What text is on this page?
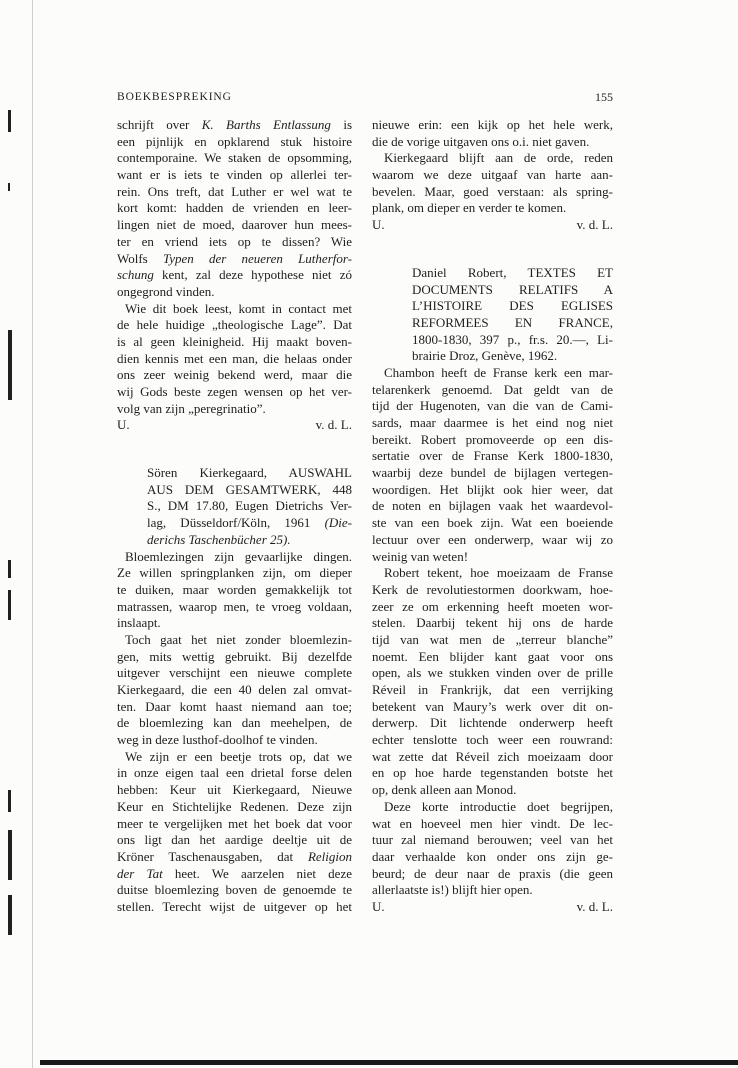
BOEKBESPREKING	155
schrijft over K. Barths Entlassung is
een pijnlijk en opklarend stuk histoire
contemporaine. We staken de opsomming,
want er is iets te vinden op allerlei ter-
rein. Ons treft, dat Luther er wel wat te
kort komt: hadden de vrienden en leer-
lingen niet de moed, daarover hun mees-
ter en vriend iets op te dissen? Wie
Wolfs Typen der neueren Lutherfor-
schung kent, zal deze hypothese niet zó
ongegrond vinden.
Wie dit boek leest, komt in contact met
de hele huidige „theologische Lage”. Dat
is al geen kleinigheid. Hij maakt boven-
dien kennis met een man, die helaas onder
ons zeer weinig bekend werd, maar die
wij Gods beste zegen wensen op het ver-
volg van zijn „peregrinatio”.
U.	v. d. L.
Sören Kierkegaard, AUSWAHL
AUS DEM GESAMTWERK, 448
S., DM 17.80, Eugen Dietrichs Ver-
lag, Düsseldorf/Köln, 1961 (Die-
derichs Taschenbücher 25).
Bloemlezingen zijn gevaarlijke dingen.
Ze willen springplanken zijn, om dieper
te duiken, maar worden gemakkelijk tot
matrassen, waarop men, te vroeg voldaan,
inslaapt.
Toch gaat het niet zonder bloemlezin-
gen, mits wettig gebruikt. Bij dezelfde
uitgever verschijnt een nieuwe complete
Kierkegaard, die een 40 delen zal omvat-
ten. Daar komt haast niemand aan toe;
de bloemlezing kan dan meehelpen, de
weg in deze lusthof-doolhof te vinden.
We zijn er een beetje trots op, dat we
in onze eigen taal een drietal forse delen
hebben: Keur uit Kierkegaard, Nieuwe
Keur en Stichtelijke Redenen. Deze zijn
meer te vergelijken met het boek dat voor
ons ligt dan het aardige deeltje uit de
Kröner Taschenausgaben, dat Religion
der Tat heet. We aarzelen niet deze
duitse bloemlezing boven de genoemde te
stellen. Terecht wijst de uitgever op het
nieuwe erin: een kijk op het hele werk,
die de vorige uitgaven ons o.i. niet gaven.
Kierkegaard blijft aan de orde, reden
waarom we deze uitgaaf van harte aan-
bevelen. Maar, goed verstaan: als spring-
plank, om dieper en verder te komen.
U.	v. d. L.
Daniel Robert, TEXTES ET
DOCUMENTS RELATIFS A
L’HISTOIRE DES EGLISES
REFORMEES EN FRANCE,
1800-1830, 397 p., fr.s. 20.—, Li-
brairie Droz, Genève, 1962.
Chambon heeft de Franse kerk een mar-
telarenkerk genoemd. Dat geldt van de
tijd der Hugenoten, van die van de Cami-
sards, maar daarmee is het eind nog niet
bereikt. Robert promoveerde op een dis-
sertatie over de Franse Kerk 1800-1830,
waarbij deze bundel de bijlagen vertegen-
woordigen. Het blijkt ook hier weer, dat
de noten en bijlagen vaak het waardevol-
ste van een boek zijn. Wat een boeiende
lectuur over een onderwerp, waar wij zo
weinig van weten!
Robert tekent, hoe moeizaam de Franse
Kerk de revolutiestormen doorkwam, hoe-
zeer ze om erkenning heeft moeten wor-
stelen. Daarbij tekent hij ons de harde
tijd van wat men de „terreur blanche”
noemt. Een blijder kant gaat voor ons
open, als we stukken vinden over de prille
Réveil in Frankrijk, dat een verrijking
betekent van Maury’s werk over dit on-
derwerp. Dit lichtende onderwerp heeft
echter tenslotte toch weer een rouwrand:
wat zette dat Réveil zich moeizaam door
en op hoe harde tegenstanden botste het
op, denk alleen aan Monod.
Deze korte introductie doet begrijpen,
wat en hoeveel men hier vindt. De lec-
tuur zal niemand berouwen; veel van het
daar verhaalde kon onder ons zijn ge-
beurd; de deur naar de praxis (die geen
allerlaatste is!) blijft hier open.
U.	v. d. L.
